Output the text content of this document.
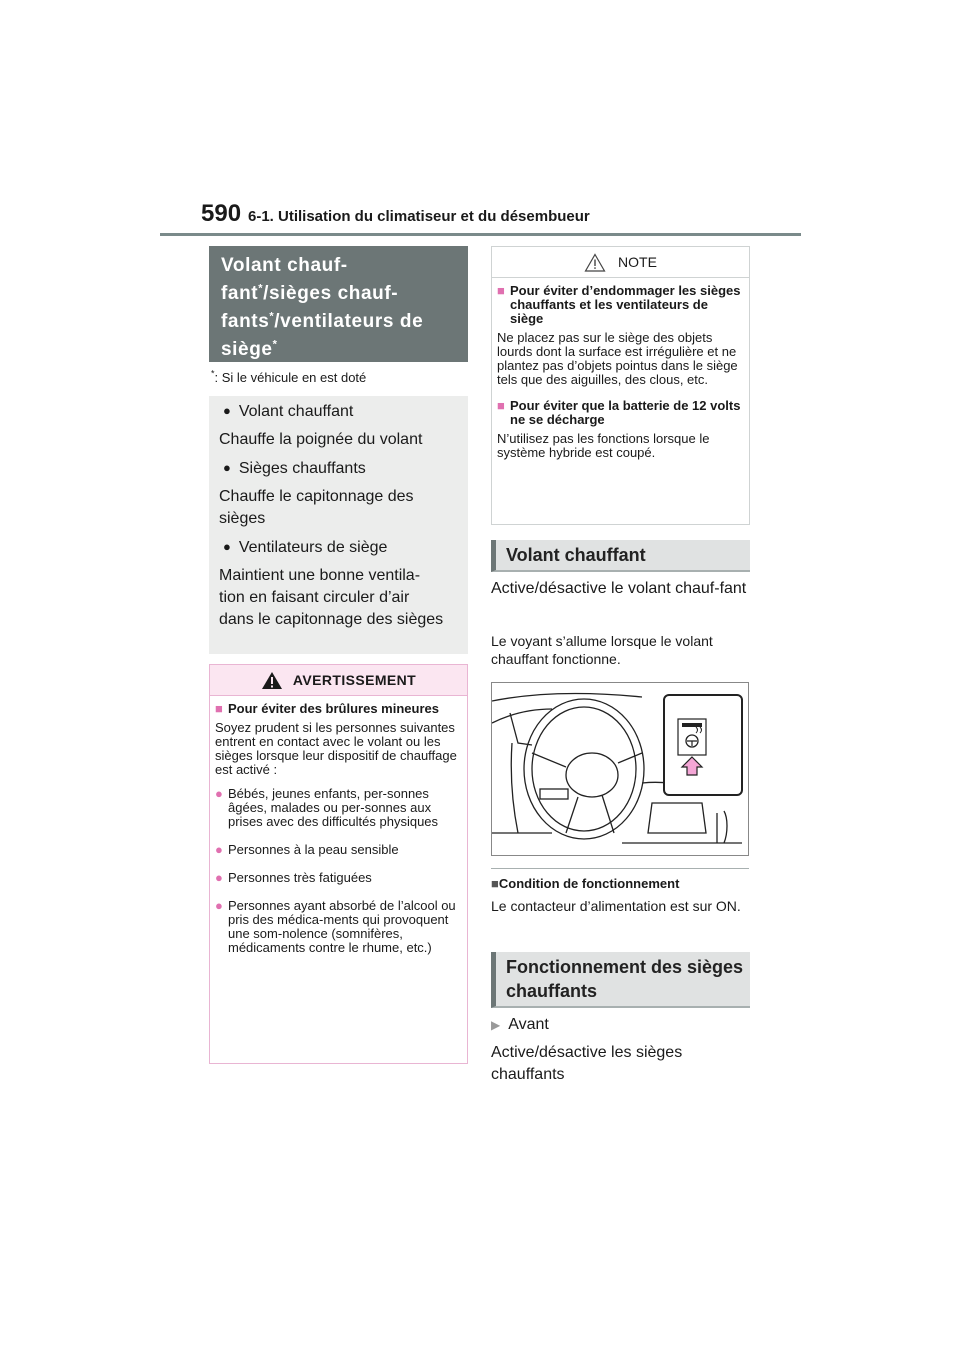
590 6-1. Utilisation du climatiseur et du désembueur
Volant chauf-
fant*/sièges chauf-
fants*/ventilateurs de
siège*
*: Si le véhicule en est doté
● Volant chauffant
Chauffe la poignée du volant
● Sièges chauffants
Chauffe le capitonnage des sièges
● Ventilateurs de siège
Maintient une bonne ventila-tion en faisant circuler d’air dans le capitonnage des sièges
AVERTISSEMENT
■ Pour éviter des brûlures mineures
Soyez prudent si les personnes suivantes entrent en contact avec le volant ou les sièges lorsque leur dispositif de chauffage est activé :
● Bébés, jeunes enfants, per-sonnes âgées, malades ou per-sonnes aux prises avec des difficultés physiques
● Personnes à la peau sensible
● Personnes très fatiguées
● Personnes ayant absorbé de l’alcool ou pris des médica-ments qui provoquent une som-nolence (somnifères, médicaments contre le rhume, etc.)
NOTE
■ Pour éviter d’endommager les sièges chauffants et les ventilateurs de siège
Ne placez pas sur le siège des objets lourds dont la surface est irrégulière et ne plantez pas d’objets pointus dans le siège tels que des aiguilles, des clous, etc.
■ Pour éviter que la batterie de 12 volts ne se décharge
N’utilisez pas les fonctions lorsque le système hybride est coupé.
Volant chauffant
Active/désactive le volant chauf-fant
Le voyant s’allume lorsque le volant chauffant fonctionne.
■Condition de fonctionnement
Le contacteur d’alimentation est sur ON.
Fonctionnement des sièges chauffants
▶ Avant
Active/désactive les sièges chauffants
